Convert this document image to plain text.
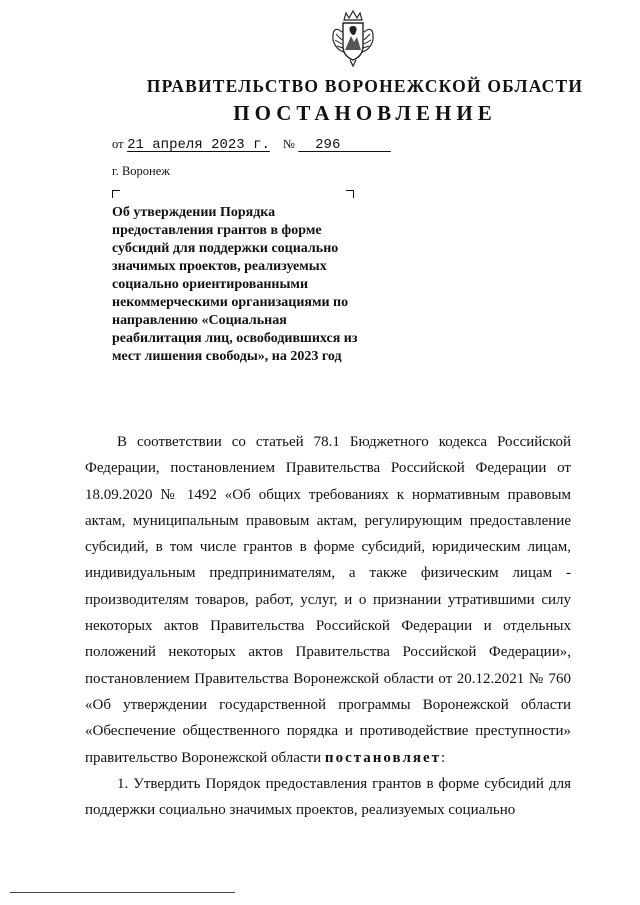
ПРАВИТЕЛЬСТВО ВОРОНЕЖСКОЙ ОБЛАСТИ
ПОСТАНОВЛЕНИЕ
от 21 апреля 2023 г. № 296
г. Воронеж
Об утверждении Порядка предоставления грантов в форме субсидий для поддержки социально значимых проектов, реализуемых социально ориентированными некоммерческими организациями по направлению «Социальная реабилитация лиц, освободившихся из мест лишения свободы», на 2023 год

В соответствии со статьей 78.1 Бюджетного кодекса Российской Федерации, постановлением Правительства Российской Федерации от 18.09.2020 № 1492 «Об общих требованиях к нормативным правовым актам, муниципальным правовым актам, регулирующим предоставление субсидий, в том числе грантов в форме субсидий, юридическим лицам, индивидуальным предпринимателям, а также физическим лицам - производителям товаров, работ, услуг, и о признании утратившими силу некоторых актов Правительства Российской Федерации и отдельных положений некоторых актов Правительства Российской Федерации», постановлением Правительства Воронежской области от 20.12.2021 № 760 «Об утверждении государственной программы Воронежской области «Обеспечение общественного порядка и противодействие преступности» правительство Воронежской области постановляет:

1. Утвердить Порядок предоставления грантов в форме субсидий для поддержки социально значимых проектов, реализуемых социально
